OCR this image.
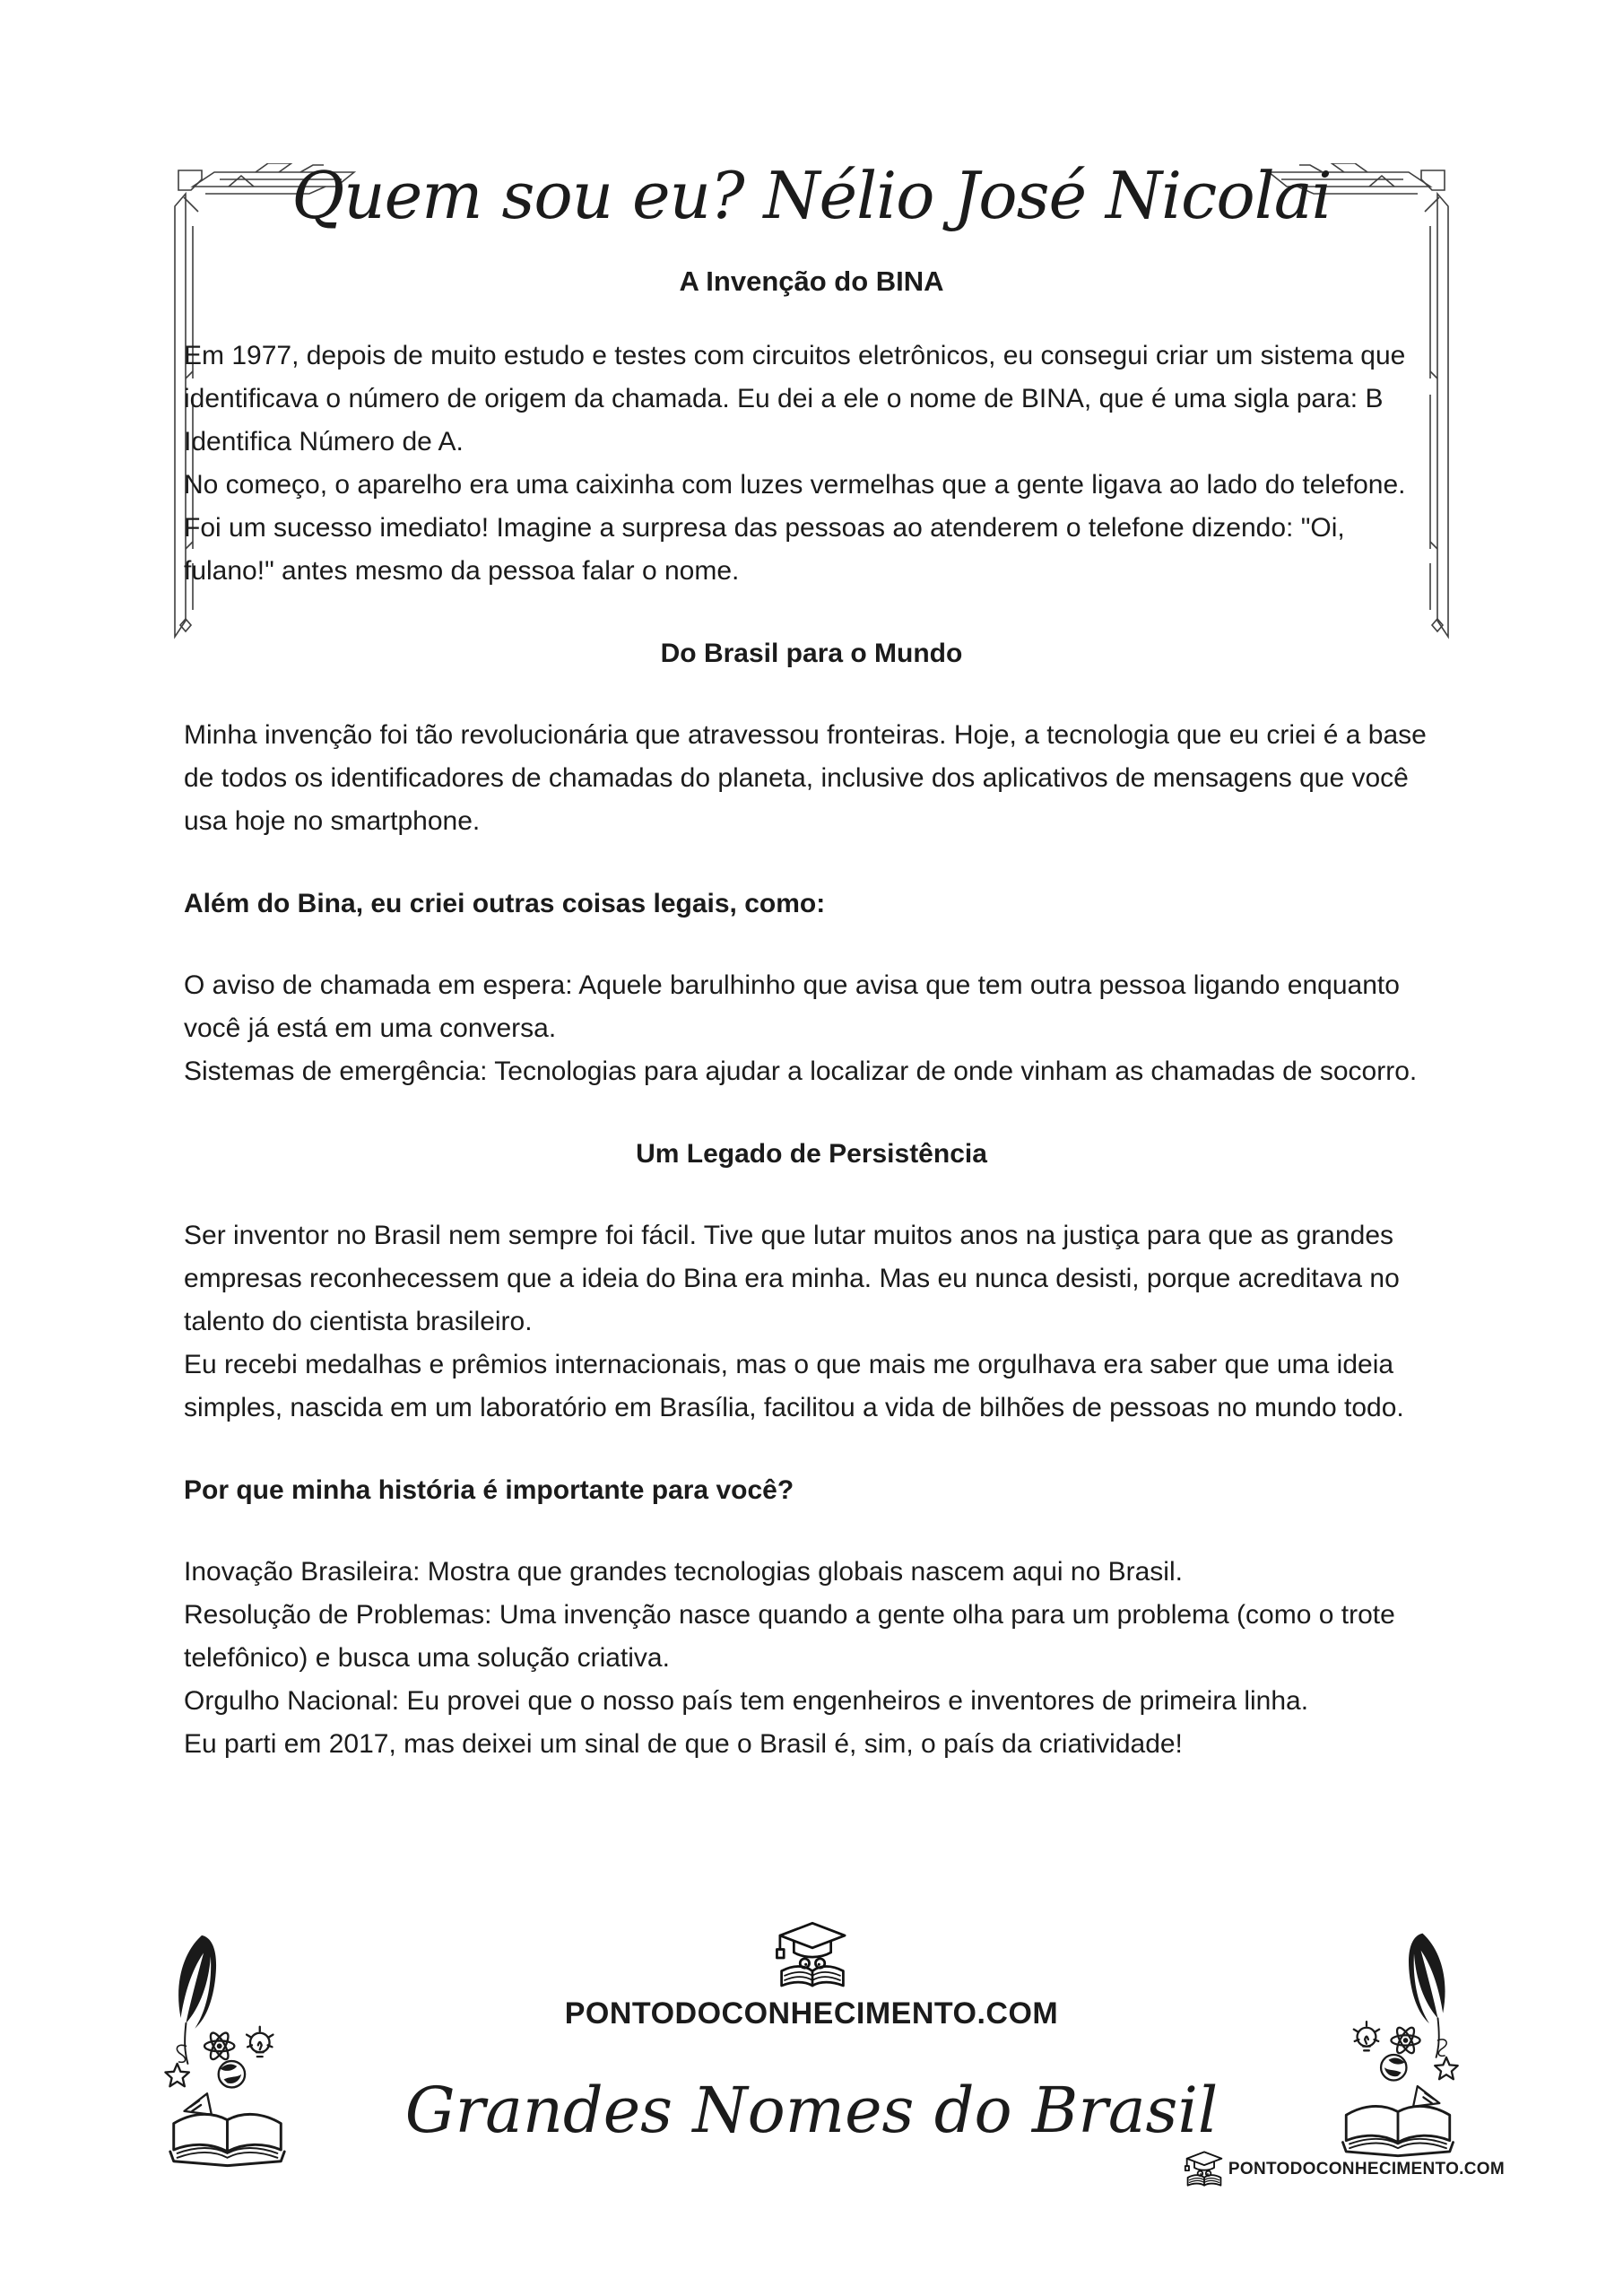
Quem sou eu? Nélio José Nicolai
A Invenção do BINA

Em 1977, depois de muito estudo e testes com circuitos eletrônicos, eu consegui criar um sistema que identificava o número de origem da chamada. Eu dei a ele o nome de BINA, que é uma sigla para: B Identifica Número de A.

No começo, o aparelho era uma caixinha com luzes vermelhas que a gente ligava ao lado do telefone. Foi um sucesso imediato! Imagine a surpresa das pessoas ao atenderem o telefone dizendo: "Oi, fulano!" antes mesmo da pessoa falar o nome.

Do Brasil para o Mundo

Minha invenção foi tão revolucionária que atravessou fronteiras. Hoje, a tecnologia que eu criei é a base de todos os identificadores de chamadas do planeta, inclusive dos aplicativos de mensagens que você usa hoje no smartphone.

Além do Bina, eu criei outras coisas legais, como:

O aviso de chamada em espera: Aquele barulhinho que avisa que tem outra pessoa ligando enquanto você já está em uma conversa.

Sistemas de emergência: Tecnologias para ajudar a localizar de onde vinham as chamadas de socorro.

Um Legado de Persistência

Ser inventor no Brasil nem sempre foi fácil. Tive que lutar muitos anos na justiça para que as grandes empresas reconhecessem que a ideia do Bina era minha. Mas eu nunca desisti, porque acreditava no talento do cientista brasileiro.

Eu recebi medalhas e prêmios internacionais, mas o que mais me orgulhava era saber que uma ideia simples, nascida em um laboratório em Brasília, facilitou a vida de bilhões de pessoas no mundo todo.

Por que minha história é importante para você?

Inovação Brasileira: Mostra que grandes tecnologias globais nascem aqui no Brasil.

Resolução de Problemas: Uma invenção nasce quando a gente olha para um problema (como o trote telefônico) e busca uma solução criativa.

Orgulho Nacional: Eu provei que o nosso país tem engenheiros e inventores de primeira linha.

Eu parti em 2017, mas deixei um sinal de que o Brasil é, sim, o país da criatividade!

PONTODOCONHECIMENTO.COM
Grandes Nomes do Brasil
PONTODOCONHECIMENTO.COM
